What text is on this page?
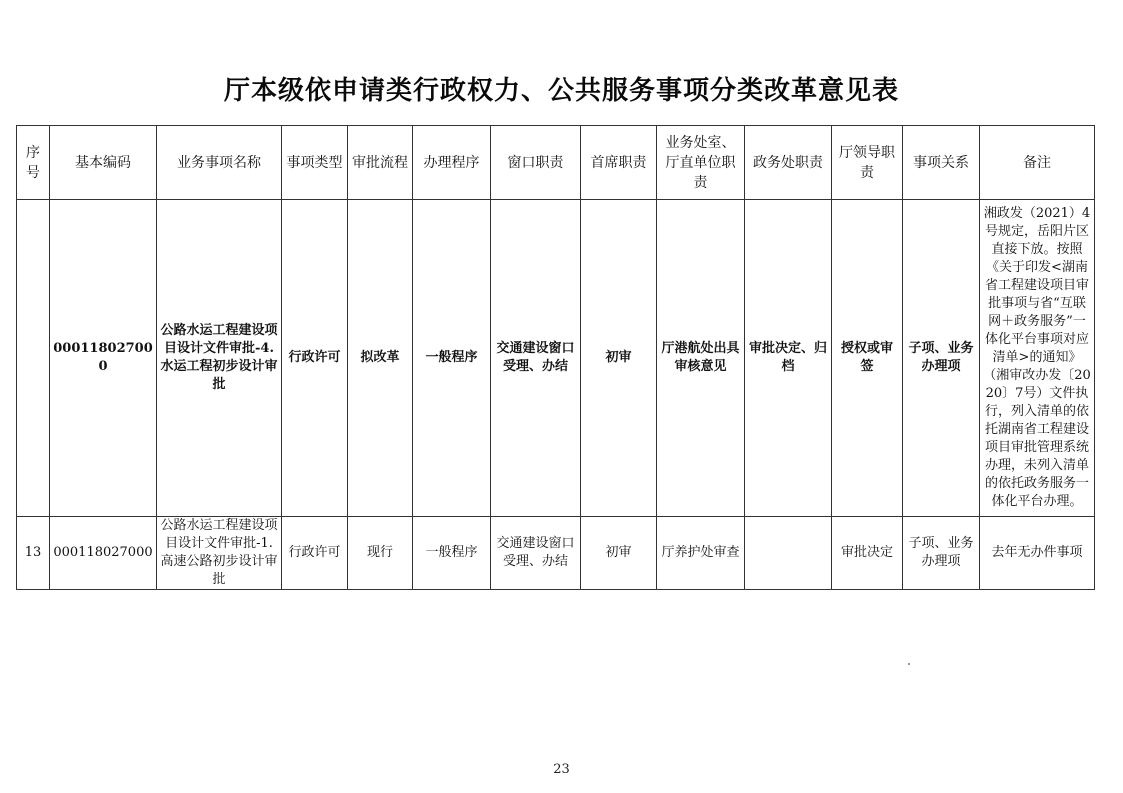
厅本级依申请类行政权力、公共服务事项分类改革意见表
序号	基本编码	业务事项名称	事项类型	审批流程	办理程序	窗口职责	首席职责	业务处室、厅直单位职责	政务处职责	厅领导职责	事项关系	备注
	000118027000	公路水运工程建设项目设计文件审批-4.水运工程初步设计审批	行政许可	拟改革	一般程序	交通建设窗口受理、办结	初审	厅港航处出具审核意见	审批决定、归档	授权或审签	子项、业务办理项	湘政发（2021）4号规定，岳阳片区直接下放。按照《关于印发<湖南省工程建设项目审批事项与省“互联网＋政务服务”一体化平台事项对应清单>的通知》（湘审改办发〔2020〕7号）文件执行，列入清单的依托湖南省工程建设项目审批管理系统办理，未列入清单的依托政务服务一体化平台办理。
13	000118027000	公路水运工程建设项目设计文件审批-1.高速公路初步设计审批	行政许可	现行	一般程序	交通建设窗口受理、办结	初审	厅养护处审查		审批决定	子项、业务办理项	去年无办件事项
23
